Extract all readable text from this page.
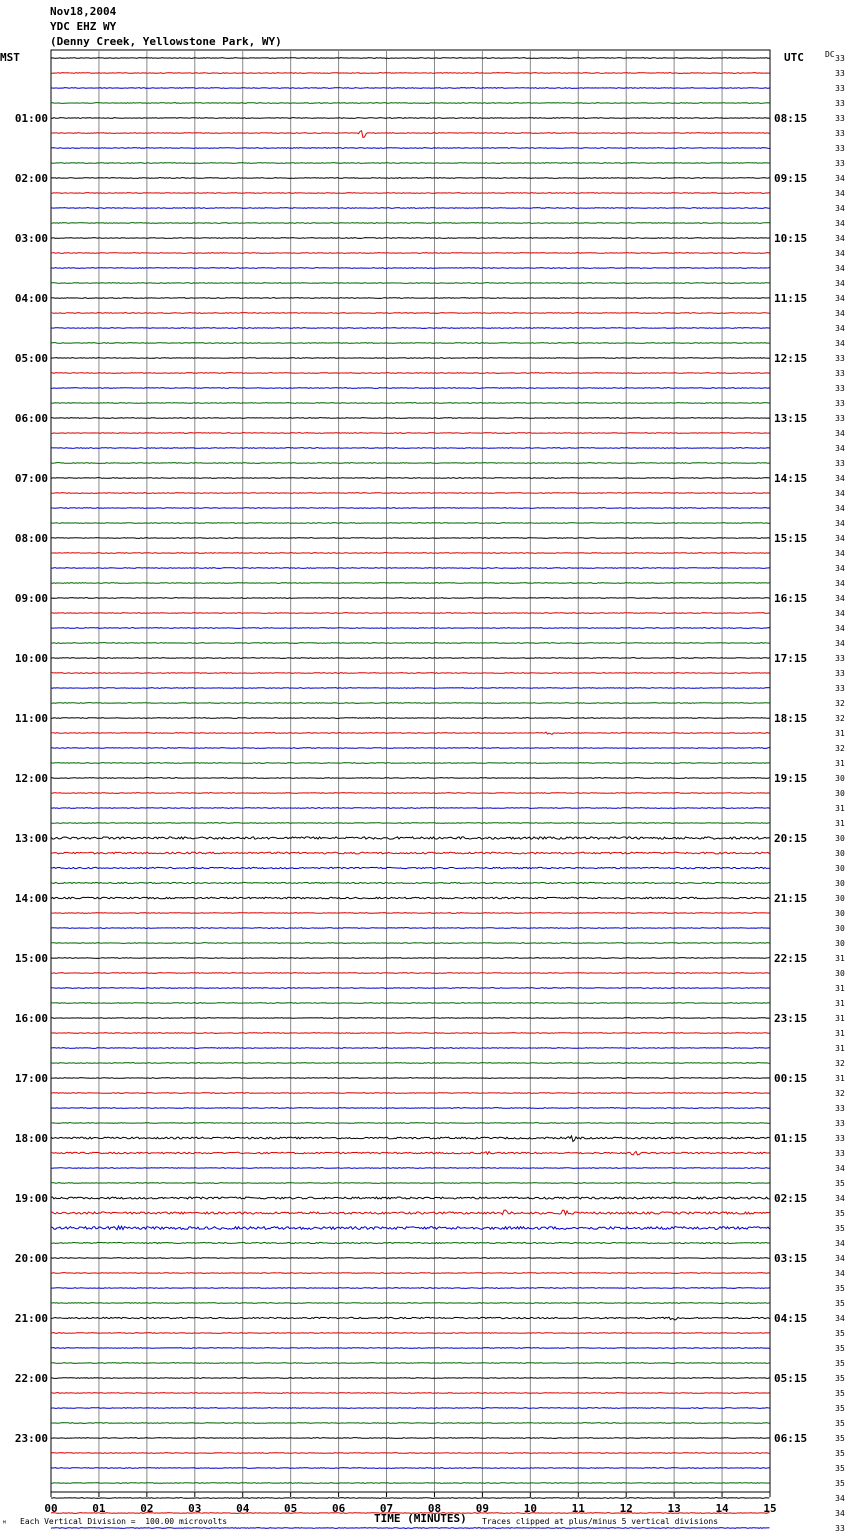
00	01	02	03	04	05	06	07	08	09	10	11	12	13	14	15
33
33
33
33
33
33
33
33
34
34
34
34
34
34
34
34
34
34
34
34
33
33
33
33
33
34
34
33
34
34
34
34
34
34
34
34
34
34
34
34
33
33
33
32
32
31
32
31
30
30
31
31
30
30
30
30
30
30
30
30
31
30
31
31
31
31
31
32
31
32
33
33
33
33
34
35
34
35
35
34
34
34
35
35
34
35
35
35
35
35
35
35
35
35
35
35
34
34
33
01:00
02:00
03:00
04:00
05:00
06:00
07:00
08:00
09:00
10:00
11:00
12:00
13:00
14:00
15:00
16:00
17:00
18:00
19:00
20:00
21:00
22:00
23:00
08:15
09:15
10:15
11:15
12:15
13:15
14:15
15:15
16:15
17:15
18:15
19:15
20:15
21:15
22:15
23:15
00:15
01:15
02:15
03:15
04:15
05:15
06:15
MST	UTC	DC
Nov18,2004
YDC EHZ WY
(Denny Creek, Yellowstone Park, WY)
ᴹ Each Vertical Division =  100.00 microvolts	TIME (MINUTES) Traces clipped at plus/minus 5 vertical divisions
